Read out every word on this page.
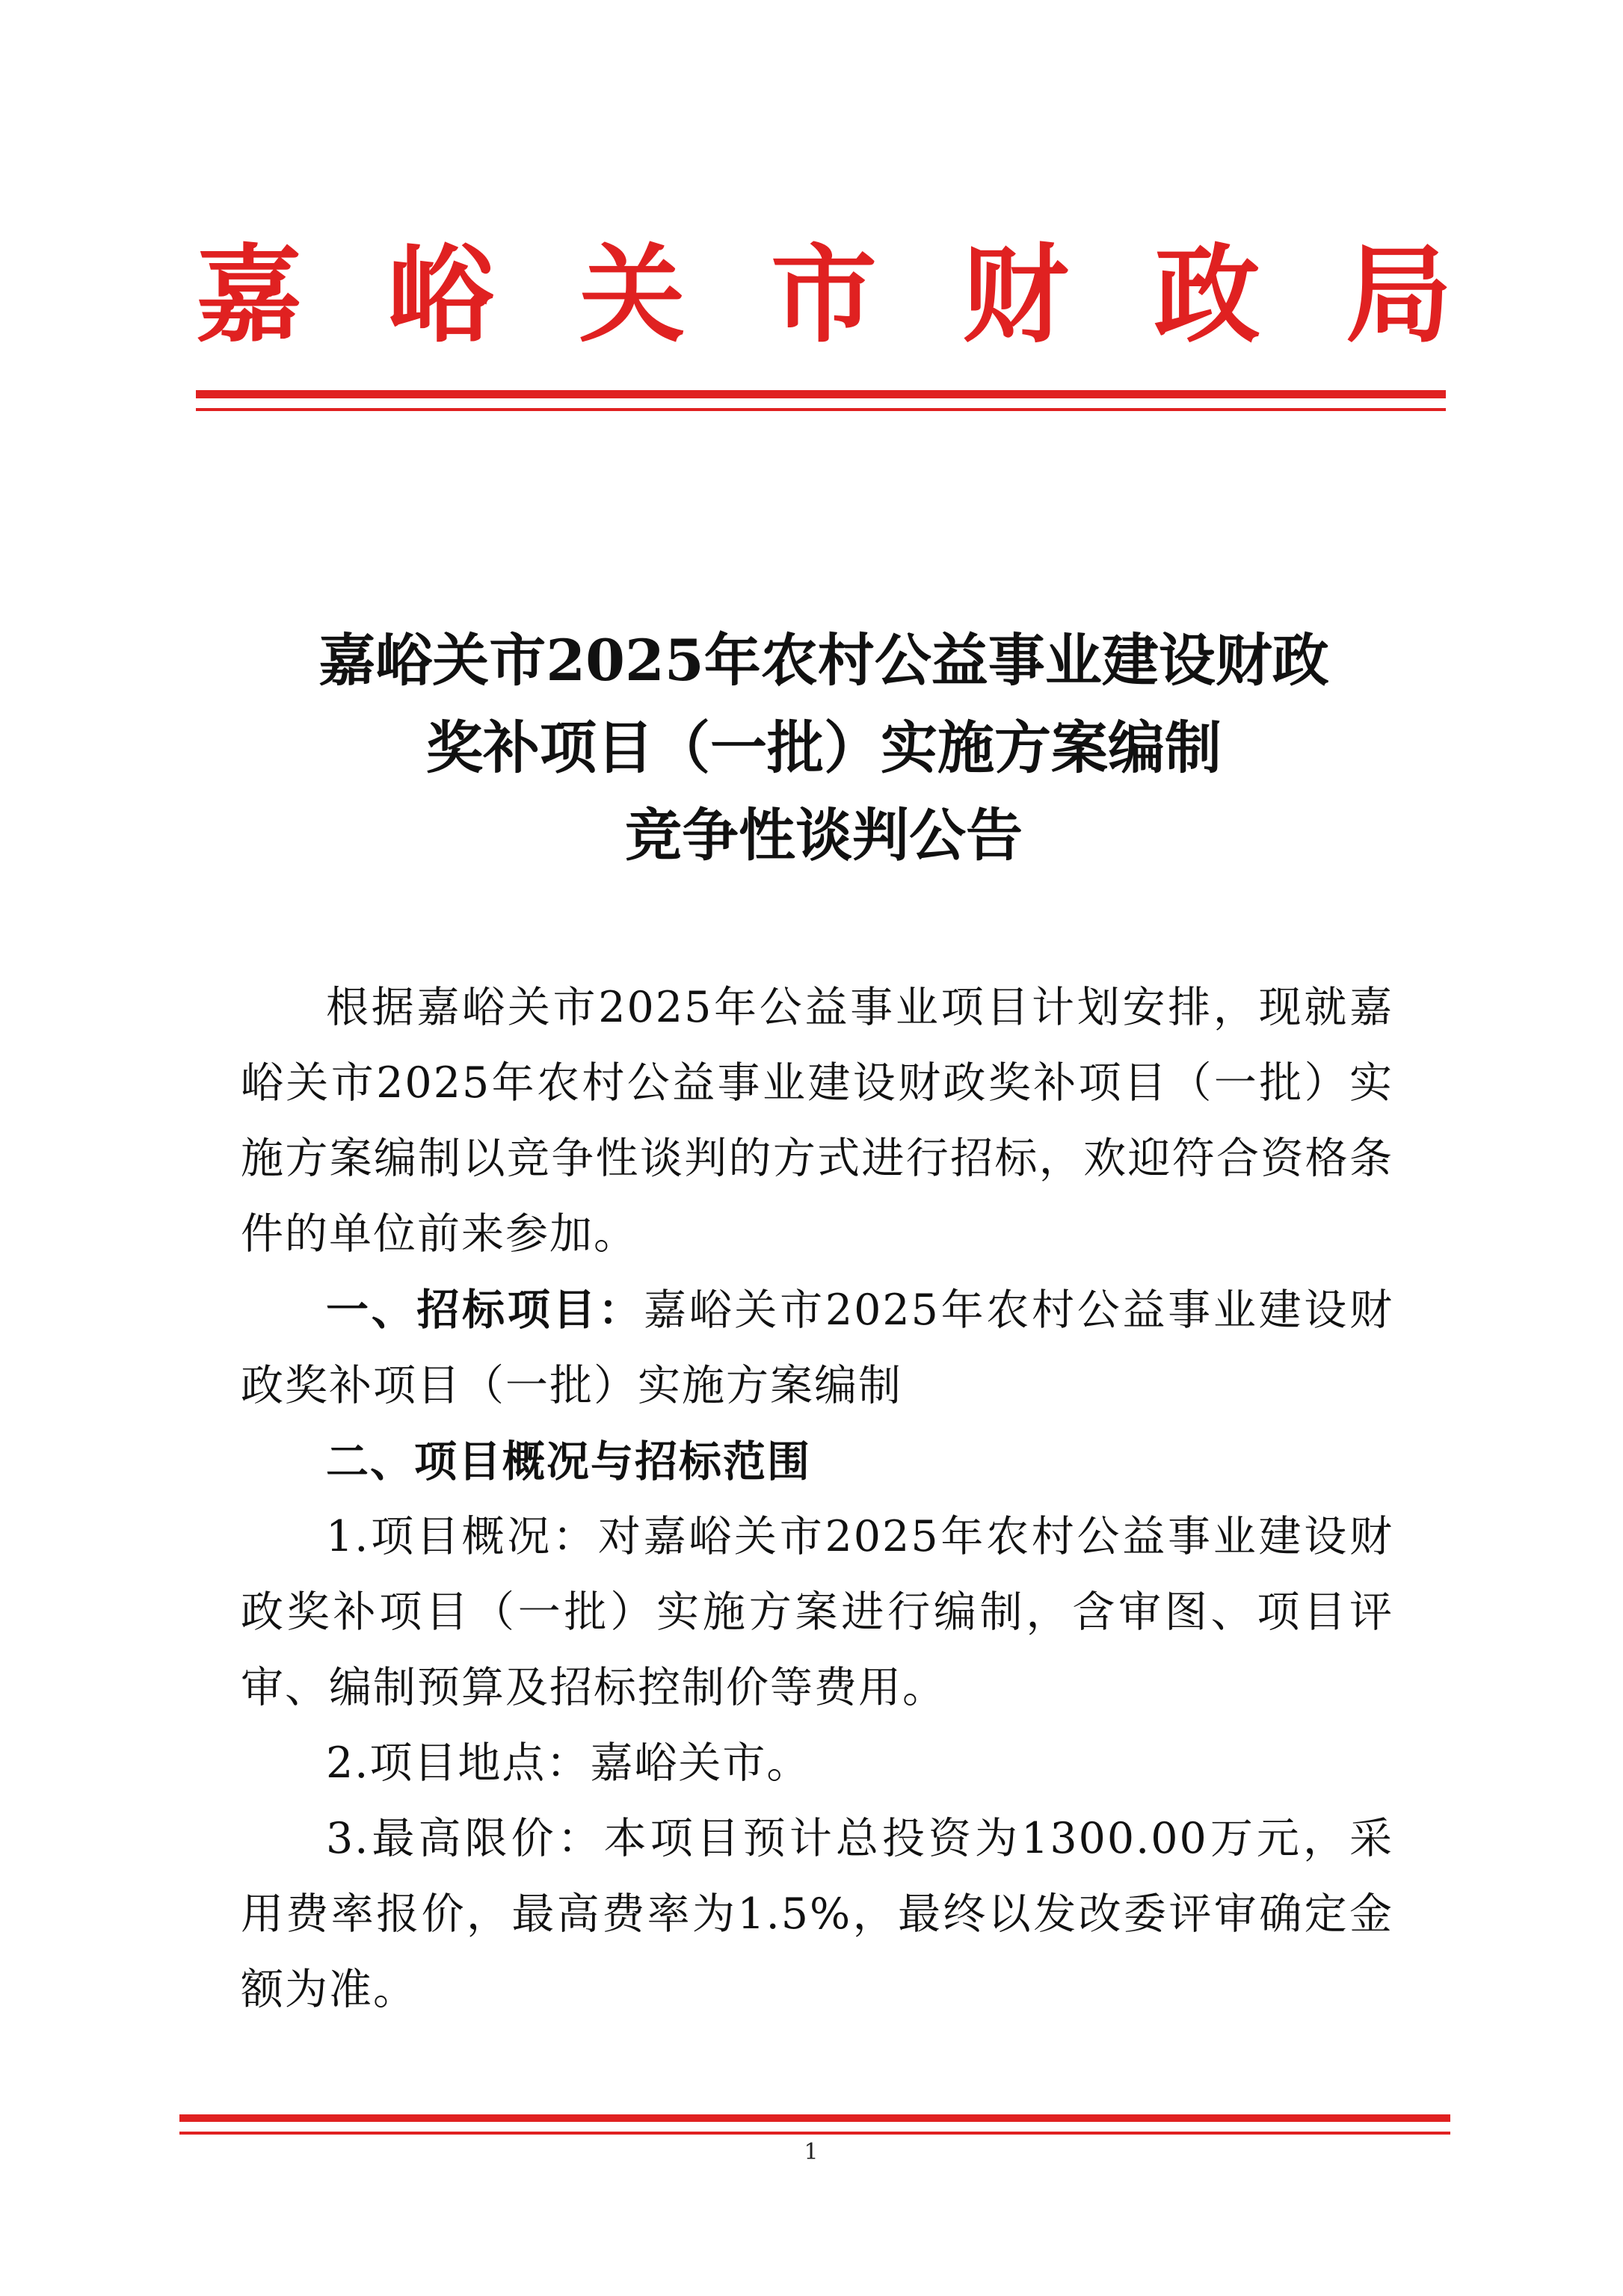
嘉 峪 关 市 财 政 局
嘉峪关市2025年农村公益事业建设财政
奖补项目（一批）实施方案编制
竞争性谈判公告

根据嘉峪关市2025年公益事业项目计划安排，现就嘉峪关市2025年农村公益事业建设财政奖补项目（一批）实施方案编制以竞争性谈判的方式进行招标，欢迎符合资格条件的单位前来参加。

一、招标项目：嘉峪关市2025年农村公益事业建设财政奖补项目（一批）实施方案编制

二、项目概况与招标范围

1.项目概况：对嘉峪关市2025年农村公益事业建设财政奖补项目（一批）实施方案进行编制，含审图、项目评审、编制预算及招标控制价等费用。

2.项目地点：嘉峪关市。

3.最高限价：本项目预计总投资为1300.00万元，采用费率报价，最高费率为1.5%，最终以发改委评审确定金额为准。

1
